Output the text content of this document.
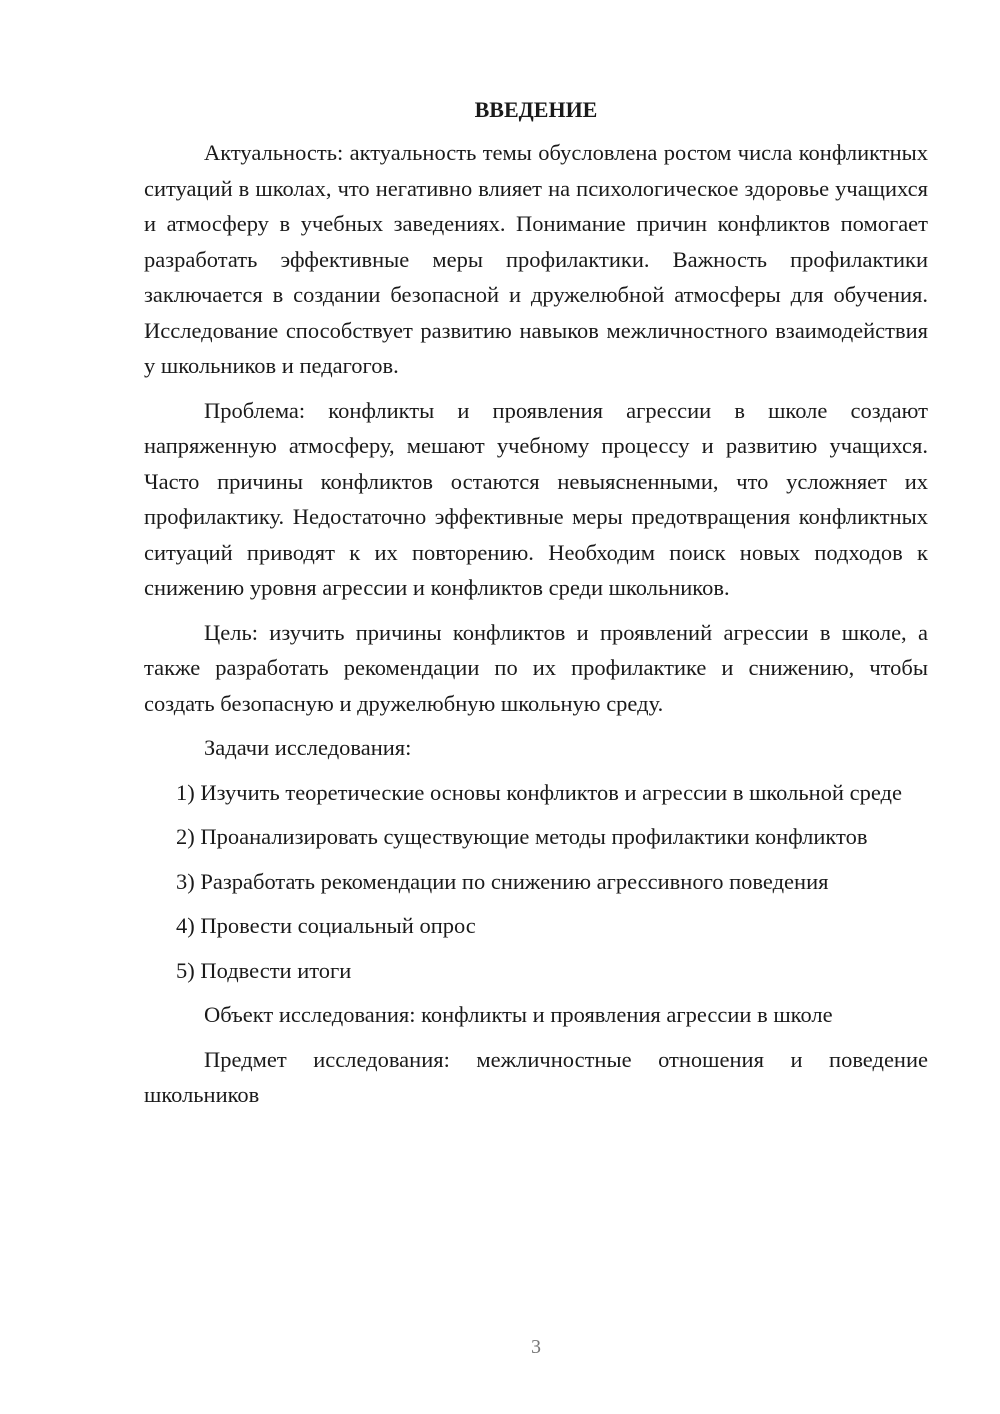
ВВЕДЕНИЕ

Актуальность: актуальность темы обусловлена ростом числа конфликтных ситуаций в школах, что негативно влияет на психологическое здоровье учащихся и атмосферу в учебных заведениях. Понимание причин конфликтов помогает разработать эффективные меры профилактики. Важность профилактики заключается в создании безопасной и дружелюбной атмосферы для обучения. Исследование способствует развитию навыков межличностного взаимодействия у школьников и педагогов.

Проблема: конфликты и проявления агрессии в школе создают напряженную атмосферу, мешают учебному процессу и развитию учащихся. Часто причины конфликтов остаются невыясненными, что усложняет их профилактику. Недостаточно эффективные меры предотвращения конфликтных ситуаций приводят к их повторению. Необходим поиск новых подходов к снижению уровня агрессии и конфликтов среди школьников.

Цель: изучить причины конфликтов и проявлений агрессии в школе, а также разработать рекомендации по их профилактике и снижению, чтобы создать безопасную и дружелюбную школьную среду.

Задачи исследования:

1) Изучить теоретические основы конфликтов и агрессии в школьной среде

2) Проанализировать существующие методы профилактики конфликтов

3) Разработать рекомендации по снижению агрессивного поведения

4) Провести социальный опрос

5) Подвести итоги

Объект исследования: конфликты и проявления агрессии в школе

Предмет исследования: межличностные отношения и поведение школьников

3
